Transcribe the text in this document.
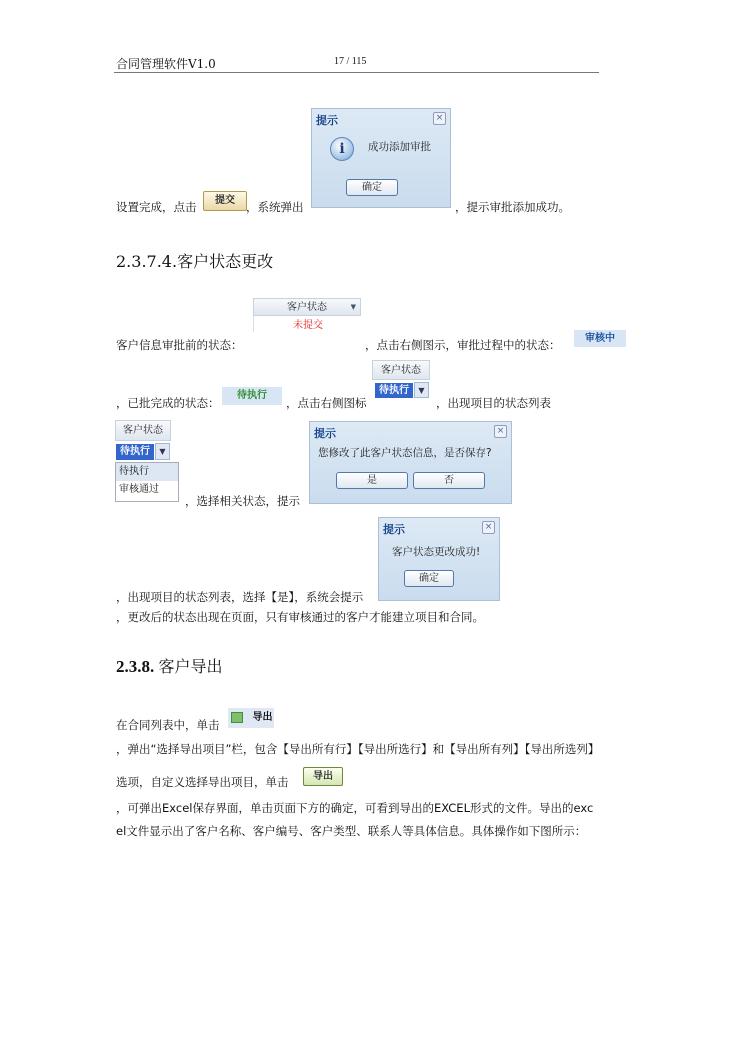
合同管理软件V1.0	17 / 115
设置完成，点击	提交 ，系统弹出	，提示审批添加成功。
提示	×
i	成功添加审批
确定
2.3.7.4.客户状态更改
客户状态	▼
未提交
客户信息审批前的状态：	，点击右侧图示，审批过程中的状态：	审核中
，已批完成的状态：
待执行
，点击右侧图标
客户状态
待执行	▼
，出现项目的状态列表
客户状态
待执行	▼
待执行
审核通过
，选择相关状态，提示
提示	×
您修改了此客户状态信息，是否保存?
是	否
提示	×
客户状态更改成功!
确定
，出现项目的状态列表，选择【是】，系统会提示
，更改后的状态出现在页面，只有审核通过的客户才能建立项目和合同。
2.3.8. 客户导出
在合同列表中，单击
导出
，弹出“选择导出项目”栏，包含【导出所有行】【导出所选行】和【导出所有列】【导出所选列】
选项，自定义选择导出项目，单击	导出
，可弹出Excel保存界面，单击页面下方的确定，可看到导出的EXCEL形式的文件。导出的exc
el文件显示出了客户名称、客户编号、客户类型、联系人等具体信息。具体操作如下图所示：
